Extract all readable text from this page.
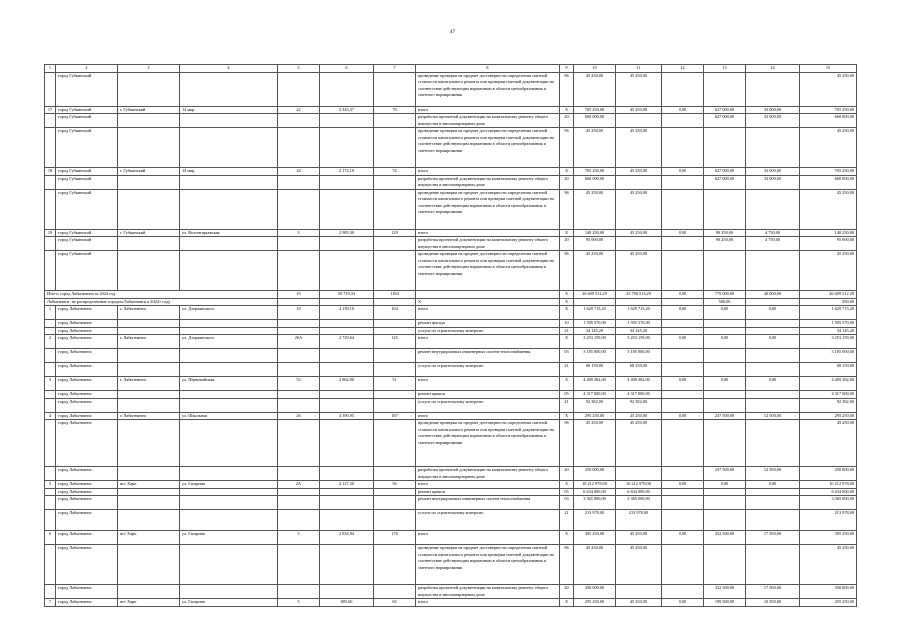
47
1	2	3	4	5	6	7	8	9	10	11	12	13	14	15
	город Губкинский						проведение проверки на предмет достоверности определения сметной стоимости капитального ремонта или проверки сметной документации на соответствие действующим нормативам в области ценообразования и сметного нормирования	96	45 250,00	45 250,00				45 250,00
17	город Губкинский	г. Губкинский	14 мкр.	22	2 343,37	70	итого	X	705 250,00	45 250,00	0,00	627 000,00	33 000,00	705 250,00
	город Губкинский						разработка проектной документации на капитальному ремонту общего имущества в многоквартирном доме	20	660 000,00			627 000,00	33 000,00	660 000,00
	город Губкинский						проведение проверки на предмет достоверности определения сметной стоимости капитального ремонта или проверки сметной документации на соответствие действующим нормативам в области ценообразования и сметного нормирования	96	45 250,00	45 250,00				45 250,00
18	город Губкинский	г. Губкинский	14 мкр.	24	2 172,10	74	итого	X	705 250,00	45 250,00	0,00	627 000,00	33 000,00	705 250,00
	город Губкинский						разработка проектной документации на капитальному ремонту общего имущества в многоквартирном доме	20	660 000,00			627 000,00	33 000,00	660 000,00
	город Губкинский						проведение проверки на предмет достоверности определения сметной стоимости капитального ремонта или проверки сметной документации на соответствие действующим нормативам в области ценообразования и сметного нормирования	96	45 250,00	45 250,00				45 250,00
19	город Губкинский	г. Губкинский	ул. Волонтарьевская	3	2 985,30	129	итого	X	140 250,00	45 250,00	0,00	90 250,00	4 750,00	140 250,00
	город Губкинский						разработка проектной документации на капитальному ремонту общего имущества в многоквартирном доме	20	95 000,00			90 250,00	4 750,00	95 000,00
	город Губкинский						проведение проверки на предмет достоверности определения сметной стоимости капитального ремонта или проверки сметной документации на соответствие действующим нормативам в области ценообразования и сметного нормирования	96	45 250,00	45 250,00				45 250,00
Итого: город Лабытнанги за 2024 год				19	50 719,33	1184		X	26 609 512,29	25 790 513,29	0,00	779 000,00	40 000,00	26 609 512,29
Лабытнанги: не распределенные городом Лабытнанги в 2024+ году							X	X				500,00		500,00
1	город Лабытнанги	г. Лабытнанги	ул. Дзержинского	10	4 139,10	104	итого	X	1 629 715,20	1 629 715,20	0,00	0,00	0,00	1 629 715,20
	город Лабытнанги						ремонт фасада	10	1 595 570,00	1 595 570,00				1 595 570,00
	город Лабытнанги						услуги по строительному контролю	21	34 145,20	34 145,20				34 145,20
2	город Лабытнанги	г. Лабытнанги	ул. Дзержинского	26А	2 729,64	125	итого	X	3 253 159,00	3 253 159,00	0,00	0,00	0,00	3 253 159,00
	город Лабытнанги						ремонт внутридомовых инженерных систем теплоснабжения	03	3 185 000,00	3 185 000,00				3 185 000,00
	город Лабытнанги						услуги по строительному контролю	21	68 159,00	68 159,00				68 159,00
3	город Лабытнанги	г. Лабытнанги	ул. Первомайская	53	2 862,90	51	итого	X	4 409 382,00	4 409 382,00	0,00	0,00	0,00	4 409 382,00
	город Лабытнанги						ремонт крыши	05	4 317 000,00	4 317 000,00				4 317 000,00
	город Лабытнанги						услуги по строительному контролю	21	92 382,00	92 382,00				92 382,00
4	город Лабытнанги	г. Лабытнанги	ул. Школьная	26	4 390,95	187	итого	X	295 250,00	45 250,00	0,00	237 500,00	12 500,00	295 250,00
	город Лабытнанги						проведение проверки на предмет достоверности определения сметной стоимости капитального ремонта или проверки сметной документации на соответствие действующим нормативам в области ценообразования и сметного нормирования	96	45 250,00	45 250,00				45 250,00
	город Лабытнанги						разработка проектной документации на капитальному ремонту общего имущества в многоквартирном доме	20	250 000,00			237 500,00	12 500,00	250 000,00
5	город Лабытнанги	пгт Харп	ул. Гагарина	2А	2 127,30	56	итого	X	10 212 978,00	10 212 978,00	0,00	0,00	0,00	10 212 978,00
	город Лабытнанги						ремонт крыши	05	6 634 000,00	6 634 000,00				6 634 000,00
	город Лабытнанги						ремонт внутридомовых инженерных систем теплоснабжения	03	3 365 000,00	3 365 000,00				3 365 000,00
	город Лабытнанги						услуги по строительному контролю	21	213 978,00	213 978,00				213 978,00
6	город Лабытнанги	пгт Харп	ул. Гагарина	3	2 834,94	176	итого	X	395 250,00	45 250,00	0,00	332 500,00	17 500,00	395 250,00
	город Лабытнанги						проведение проверки на предмет достоверности определения сметной стоимости капитального ремонта или проверки сметной документации на соответствие действующим нормативам в области ценообразования и сметного нормирования	96	45 250,00	45 250,00				45 250,00
	город Лабытнанги						разработка проектной документации на капитальному ремонту общего имущества в многоквартирном доме	20	350 000,00			332 500,00	17 500,00	350 000,00
7	город Лабытнанги	пгт Харп	ул. Гагарина	5	805,60	65	итого	X	255 250,00	45 250,00	0,00	199 500,00	10 500,00	255 250,00
